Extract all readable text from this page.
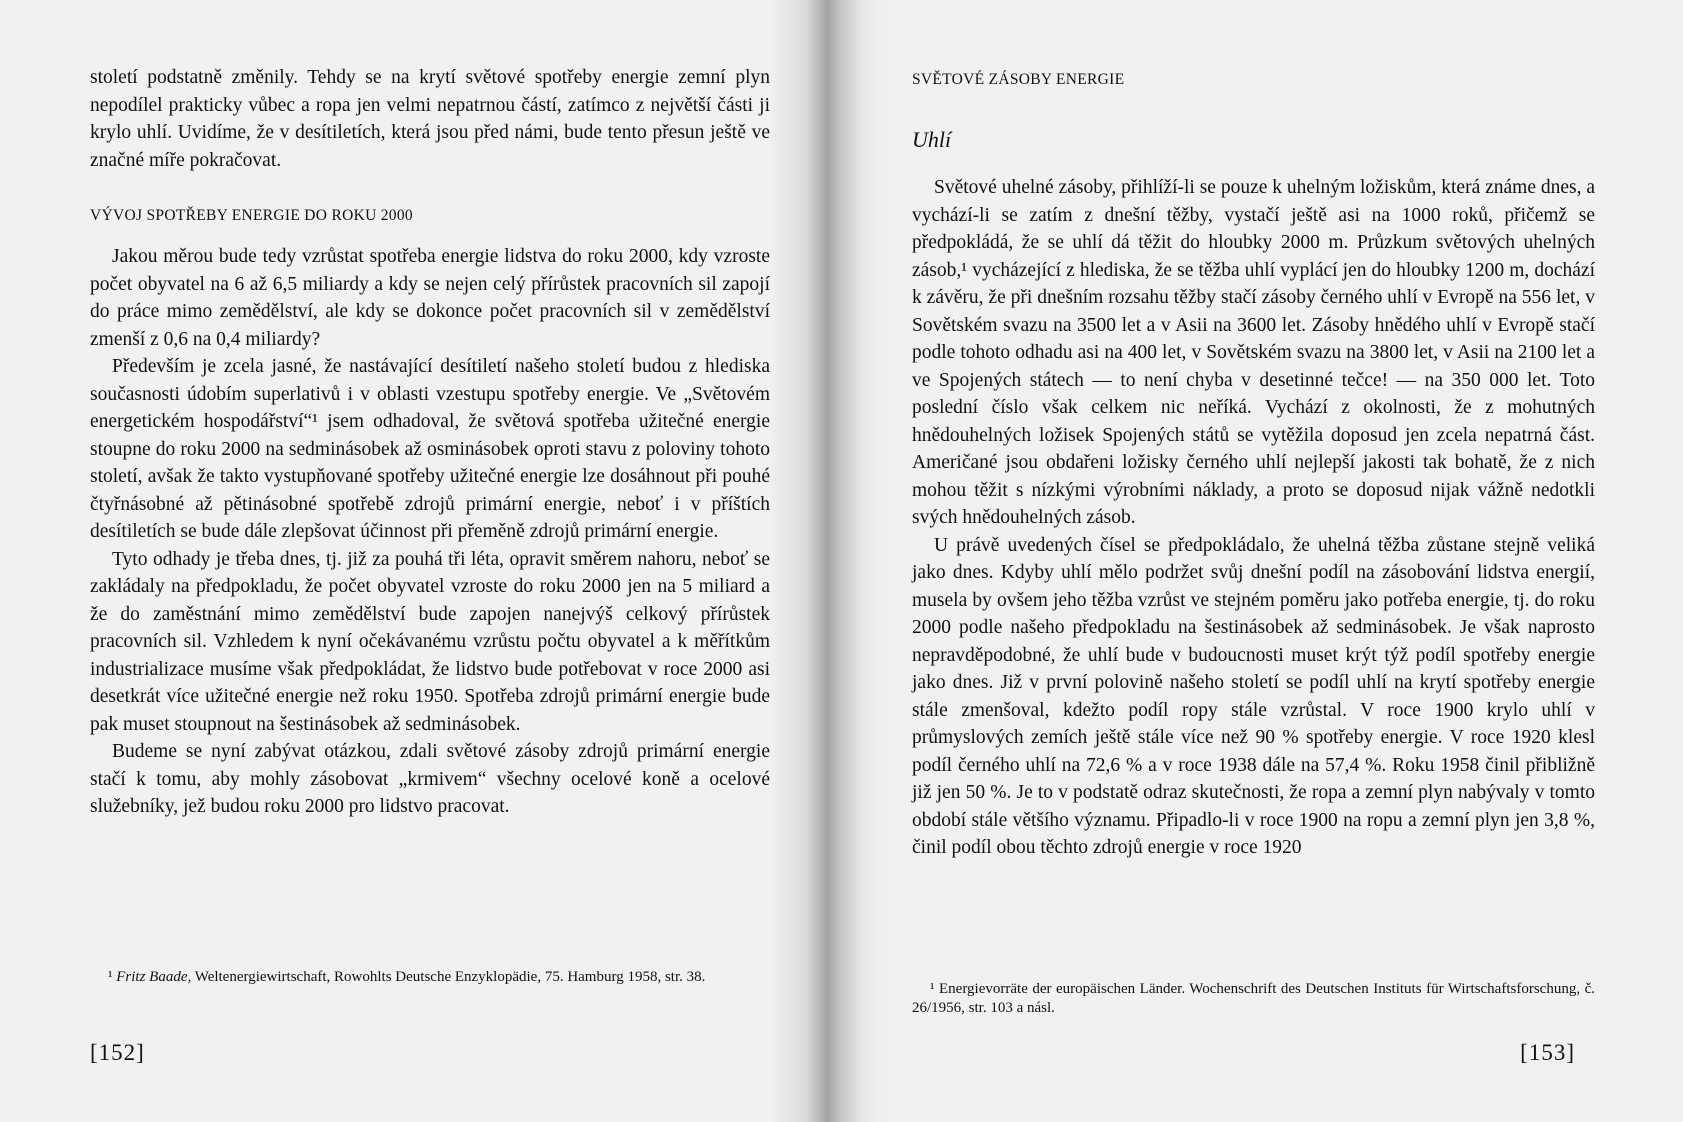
století podstatně změnily. Tehdy se na krytí světové spotřeby energie zemní plyn nepodílel prakticky vůbec a ropa jen velmi nepatrnou částí, zatímco z největší části ji krylo uhlí. Uvidíme, že v desítiletích, která jsou před námi, bude tento přesun ještě ve značné míře pokračovat.

VÝVOJ SPOTŘEBY ENERGIE DO ROKU 2000

Jakou měrou bude tedy vzrůstat spotřeba energie lidstva do roku 2000, kdy vzroste počet obyvatel na 6 až 6,5 miliardy a kdy se nejen celý přírůstek pracovních sil zapojí do práce mimo zemědělství, ale kdy se dokonce počet pracovních sil v zemědělství zmenší z 0,6 na 0,4 miliardy?

Především je zcela jasné, že nastávající desítiletí našeho století budou z hlediska současnosti údobím superlativů i v oblasti vzestupu spotřeby energie. Ve „Světovém energetickém hospodářství“¹ jsem odhadoval, že světová spotřeba užitečné energie stoupne do roku 2000 na sedminásobek až osminásobek oproti stavu z poloviny tohoto století, avšak že takto vystupňované spotřeby užitečné energie lze dosáhnout při pouhé čtyřnásobné až pětinásobné spotřebě zdrojů primární energie, neboť i v příštích desítiletích se bude dále zlepšovat účinnost při přeměně zdrojů primární energie.

Tyto odhady je třeba dnes, tj. již za pouhá tři léta, opravit směrem nahoru, neboť se zakládaly na předpokladu, že počet obyvatel vzroste do roku 2000 jen na 5 miliard a že do zaměstnání mimo zemědělství bude zapojen nanejvýš celkový přírůstek pracovních sil. Vzhledem k nyní očekávanému vzrůstu počtu obyvatel a k měřítkům industrializace musíme však předpokládat, že lidstvo bude potřebovat v roce 2000 asi desetkrát více užitečné energie než roku 1950. Spotřeba zdrojů primární energie bude pak muset stoupnout na šestinásobek až sedminásobek.

Budeme se nyní zabývat otázkou, zdali světové zásoby zdrojů primární energie stačí k tomu, aby mohly zásobovat „krmivem“ všechny ocelové koně a ocelové služebníky, jež budou roku 2000 pro lidstvo pracovat.

¹ Fritz Baade, Weltenergiewirtschaft, Rowohlts Deutsche Enzyklopädie, 75. Hamburg 1958, str. 38.

[152]
SVĚTOVÉ ZÁSOBY ENERGIE
Uhlí

Světové uhelné zásoby, přihlíží-li se pouze k uhelným ložiskům, která známe dnes, a vychází-li se zatím z dnešní těžby, vystačí ještě asi na 1000 roků, přičemž se předpokládá, že se uhlí dá těžit do hloubky 2000 m. Průzkum světových uhelných zásob,¹ vycházející z hlediska, že se těžba uhlí vyplácí jen do hloubky 1200 m, dochází k závěru, že při dnešním rozsahu těžby stačí zásoby černého uhlí v Evropě na 556 let, v Sovětském svazu na 3500 let a v Asii na 3600 let. Zásoby hnědého uhlí v Evropě stačí podle tohoto odhadu asi na 400 let, v Sovětském svazu na 3800 let, v Asii na 2100 let a ve Spojených státech — to není chyba v desetinné tečce! — na 350 000 let. Toto poslední číslo však celkem nic neříká. Vychází z okolnosti, že z mohutných hnědouhelných ložisek Spojených států se vytěžila doposud jen zcela nepatrná část. Američané jsou obdařeni ložisky černého uhlí nejlepší jakosti tak bohatě, že z nich mohou těžit s nízkými výrobními náklady, a proto se doposud nijak vážně nedotkli svých hnědouhelných zásob.

U právě uvedených čísel se předpokládalo, že uhelná těžba zůstane stejně veliká jako dnes. Kdyby uhlí mělo podržet svůj dnešní podíl na zásobování lidstva energií, musela by ovšem jeho těžba vzrůst ve stejném poměru jako potřeba energie, tj. do roku 2000 podle našeho předpokladu na šestinásobek až sedminásobek. Je však naprosto nepravděpodobné, že uhlí bude v budoucnosti muset krýt týž podíl spotřeby energie jako dnes. Již v první polovině našeho století se podíl uhlí na krytí spotřeby energie stále zmenšoval, kdežto podíl ropy stále vzrůstal. V roce 1900 krylo uhlí v průmyslových zemích ještě stále více než 90 % spotřeby energie. V roce 1920 klesl podíl černého uhlí na 72,6 % a v roce 1938 dále na 57,4 %. Roku 1958 činil přibližně již jen 50 %. Je to v podstatě odraz skutečnosti, že ropa a zemní plyn nabývaly v tomto období stále většího významu. Připadlo-li v roce 1900 na ropu a zemní plyn jen 3,8 %, činil podíl obou těchto zdrojů energie v roce 1920

¹ Energievorräte der europäischen Länder. Wochenschrift des Deutschen Instituts für Wirtschaftsforschung, č. 26/1956, str. 103 a násl.

[153]
